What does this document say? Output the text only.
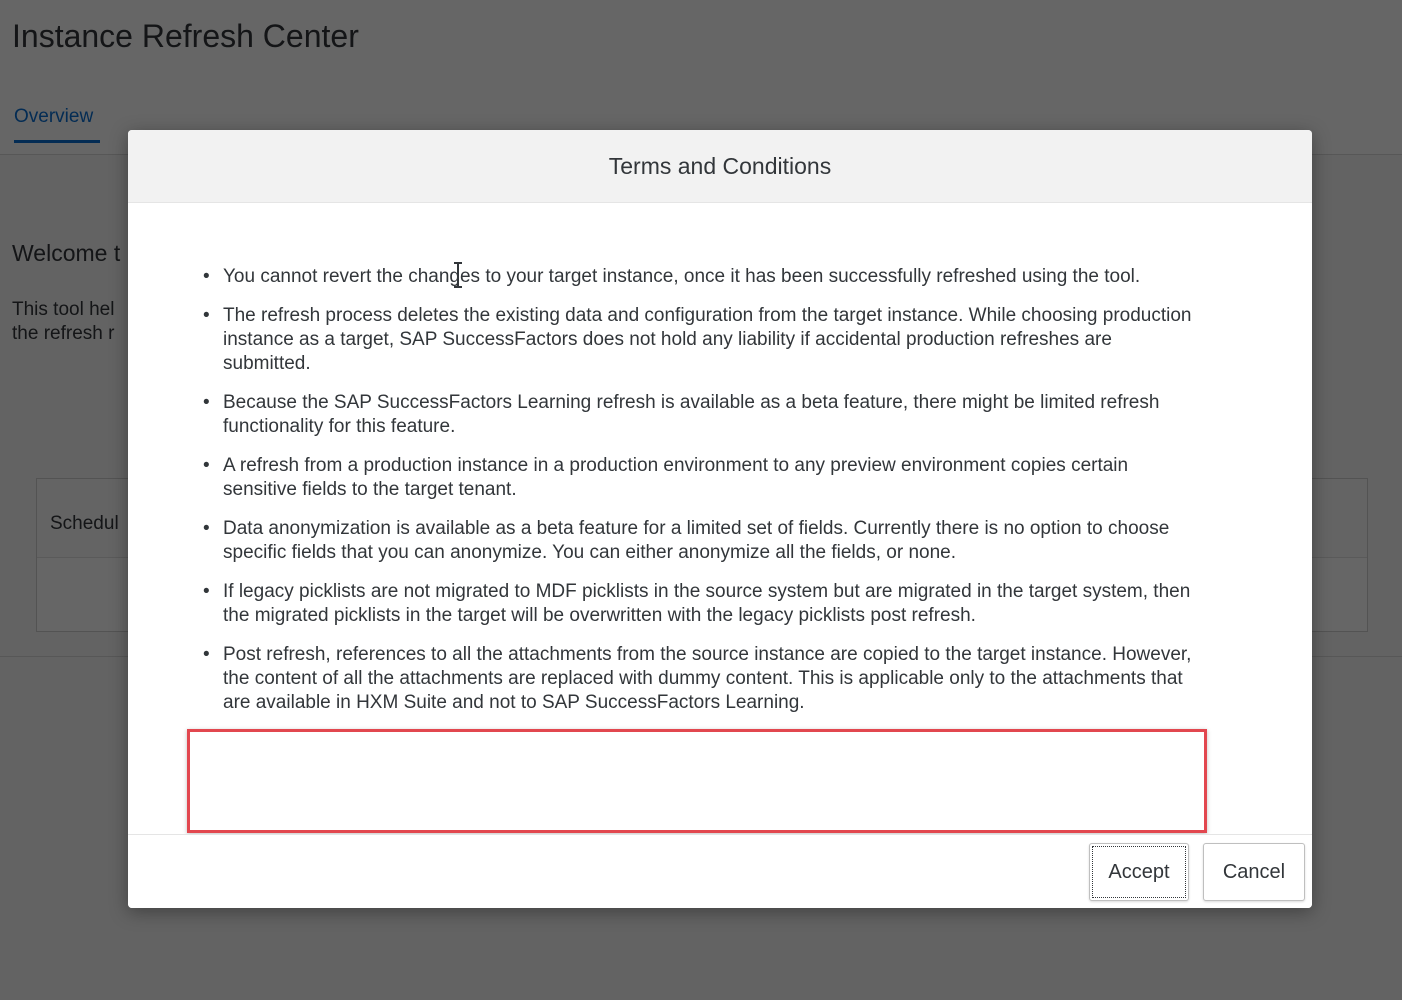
Terms and Conditions
• You cannot revert the changes to your target instance, once it has been successfully refreshed using the tool.
• The refresh process deletes the existing data and configuration from the target instance. While choosing production instance as a target, SAP SuccessFactors does not hold any liability if accidental production refreshes are submitted.
• Because the SAP SuccessFactors Learning refresh is available as a beta feature, there might be limited refresh functionality for this feature.
• A refresh from a production instance in a production environment to any preview environment copies certain sensitive fields to the target tenant.
• Data anonymization is available as a beta feature for a limited set of fields. Currently there is no option to choose specific fields that you can anonymize. You can either anonymize all the fields, or none.
• If legacy picklists are not migrated to MDF picklists in the source system but are migrated in the target system, then the migrated picklists in the target will be overwritten with the legacy picklists post refresh.
• Post refresh, references to all the attachments from the source instance are copied to the target instance. However, the content of all the attachments are replaced with dummy content. This is applicable only to the attachments that are available in HXM Suite and not to SAP SuccessFactors Learning.
Accept	Cancel
